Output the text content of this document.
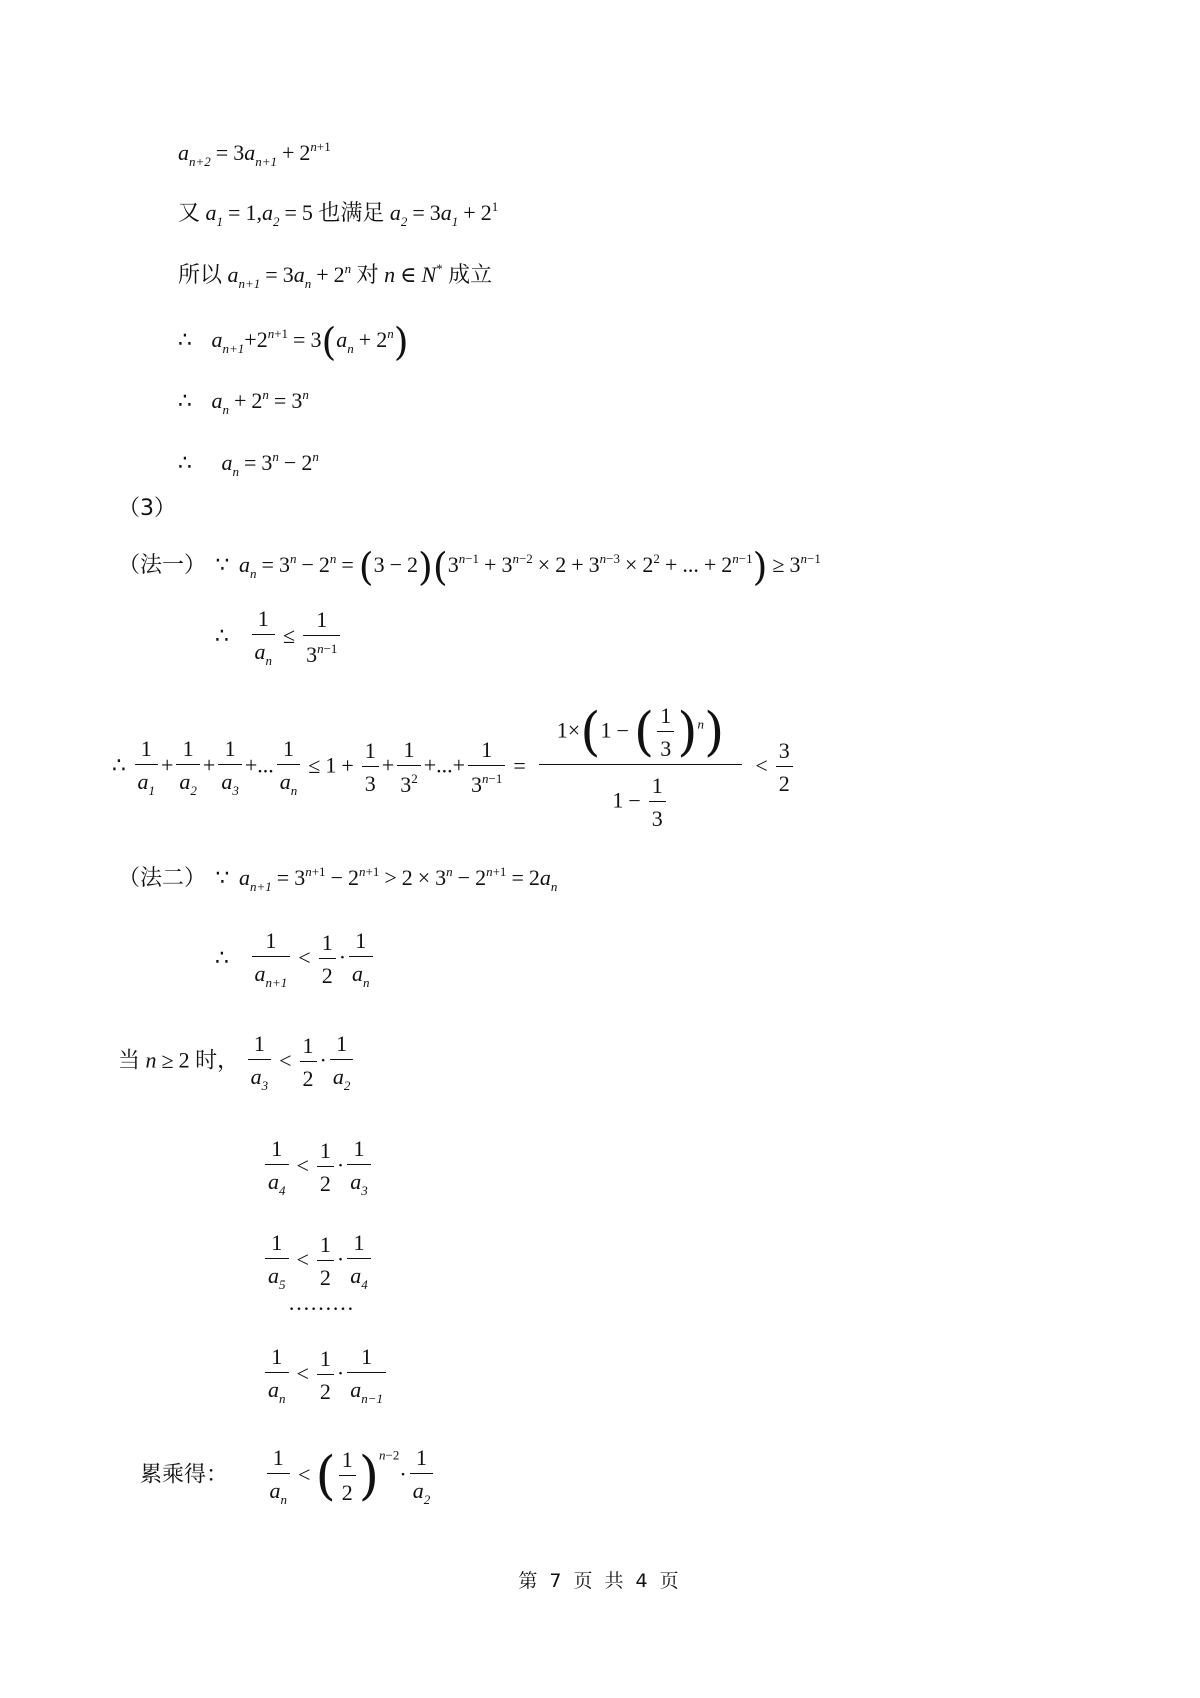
$a_{n+2} = 3a_{n+1} + 2^{n+1}$
又 $a_1 = 1,a_2 = 5$ 也满足 $a_2 = 3a_1 + 2^1$
所以 $a_{n+1} = 3a_n + 2^n$ 对 n ∈ N* 成立
∴ $a_{n+1}+2^{n+1} = 3(a_n + 2^n)$
∴ $a_n + 2^n = 3^n$
∴ $a_n = 3^n - 2^n$
（3）
（法一） ∵ $a_n = 3^n - 2^n = (3 - 2)(3^{n-1} + 3^{n-2} \times 2 + 3^{n-3} \times 2^2$ + ... + $2^{n-1}) \ge 3^{n-1}$
∴ $\frac{1}{a_n} \le \frac{1}{3^{n-1}}$
∴ $\frac{1}{a_1} + \frac{1}{a_2} + \frac{1}{a_3}$ +... $\frac{1}{a_n} \le 1 + \frac{1}{3} + \frac{1}{3^2}$ +...+ $\frac{1}{3^{n-1}} = \frac{1\times(1 -( \frac{1}{3} )^n)}{1 - \frac{1}{3}} < \frac{3}{2}$
（法二） ∵ $a_{n+1} = 3^{n+1} - 2^{n+1} > 2 \times 3^n - 2^{n+1} = 2a_n$
∴ $\frac{1}{a_{n+1}} < \frac{1}{2} \cdot \frac{1}{a_n}$
当 n ≥ 2 时， $\frac{1}{a_3} < \frac{1}{2} \cdot \frac{1}{a_2}$
$\frac{1}{a_4} < \frac{1}{2} \cdot \frac{1}{a_3}$
$\frac{1}{a_5} < \frac{1}{2} \cdot \frac{1}{a_4}$
………
$\frac{1}{a_n} < \frac{1}{2} \cdot \frac{1}{a_{n-1}}$
累乘得： $\frac{1}{a_n}$ <( $\frac{1}{2} )^{n-2}\cdot \frac{1}{a_2}$
第 7 页 共 4 页
